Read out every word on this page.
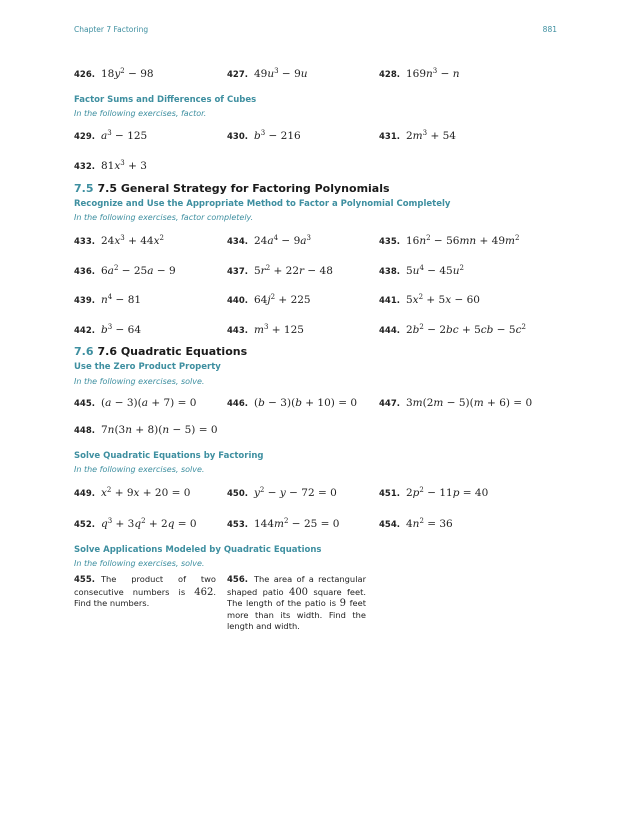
Chapter 7 Factoring	881
426. $18y^2 - 98$	427. $49u^3 - 9u$	428. $169n^3 - n$
Factor Sums and Differences of Cubes
In the following exercises, factor.
429. $a^3 - 125$	430. $b^3 - 216$	431. $2m^3 + 54$
432. $81x^3 + 3$
7.5 7.5 General Strategy for Factoring Polynomials
Recognize and Use the Appropriate Method to Factor a Polynomial Completely
In the following exercises, factor completely.
433. $24x^3 + 44x^2$	434. $24a^4 - 9a^3$	435. $16n^2 - 56mn + 49m^2$
436. $6a^2 - 25a - 9$	437. $5r^2 + 22r - 48$	438. $5u^4 - 45u^2$
439. $n^4 - 81$	440. $64j^2 + 225$	441. $5x^2 + 5x - 60$
442. $b^3 - 64$	443. $m^3 + 125$	444. $2b^2 - 2bc + 5cb - 5c^2$
7.6 7.6 Quadratic Equations
Use the Zero Product Property
In the following exercises, solve.
445. (a − 3)(a + 7) = 0	446. (b − 3)(b + 10) = 0	447. 3m(2m − 5)(m + 6) = 0
448. 7n(3n + 8)(n − 5) = 0
Solve Quadratic Equations by Factoring
In the following exercises, solve.
449. $x^2 + 9x + 20 = 0$	450. $y^2 - y - 72 = 0$	451. $2p^2 - 11p = 40$
452. $q^3 + 3q^2 + 2q = 0$	453. $144m^2 - 25 = 0$	454. $4n^2 = 36$
Solve Applications Modeled by Quadratic Equations
In the following exercises, solve.
455. The product of two consecutive numbers is 462. Find the numbers.
456. The area of a rectangular shaped patio 400 square feet. The length of the patio is 9 feet more than its width. Find the length and width.
